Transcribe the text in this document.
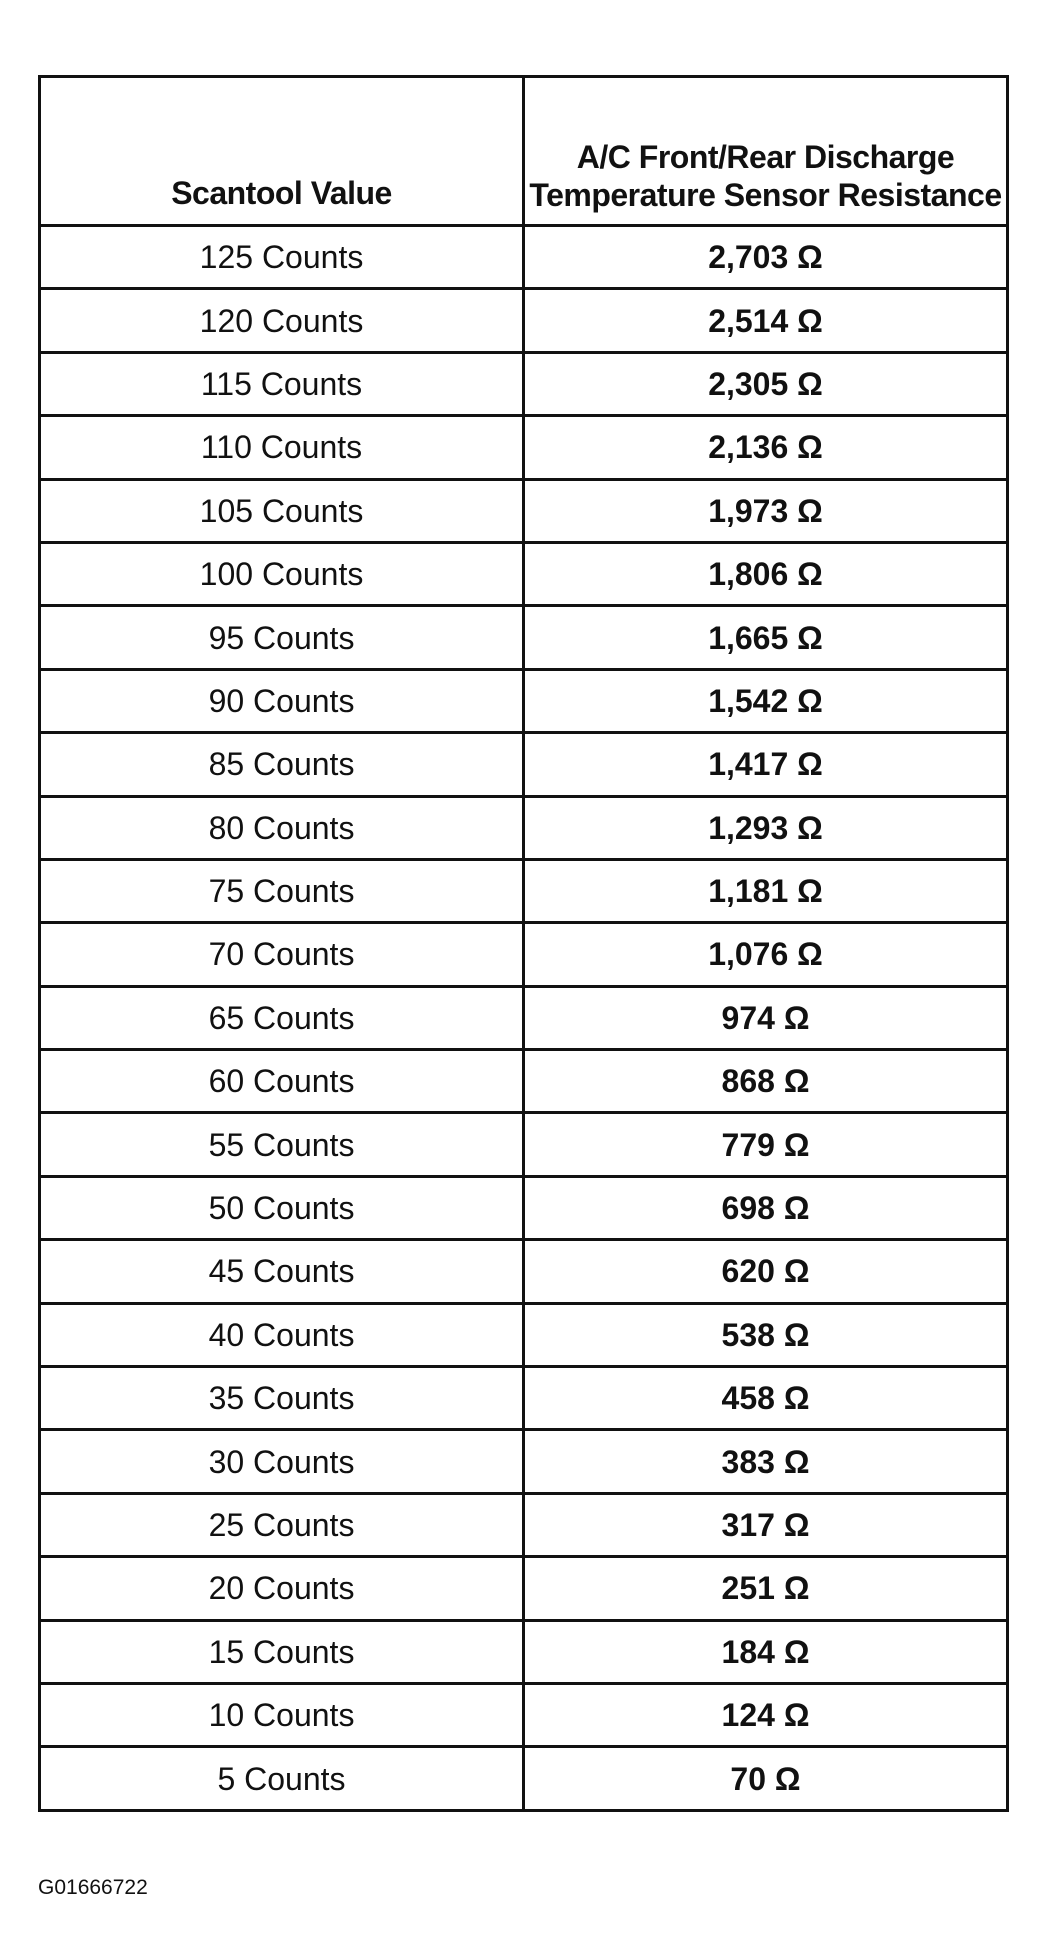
Scantool Value	A/C Front/Rear Discharge Temperature Sensor Resistance
125 Counts	2,703 Ω
120 Counts	2,514 Ω
115 Counts	2,305 Ω
110 Counts	2,136 Ω
105 Counts	1,973 Ω
100 Counts	1,806 Ω
95 Counts	1,665 Ω
90 Counts	1,542 Ω
85 Counts	1,417 Ω
80 Counts	1,293 Ω
75 Counts	1,181 Ω
70 Counts	1,076 Ω
65 Counts	974 Ω
60 Counts	868 Ω
55 Counts	779 Ω
50 Counts	698 Ω
45 Counts	620 Ω
40 Counts	538 Ω
35 Counts	458 Ω
30 Counts	383 Ω
25 Counts	317 Ω
20 Counts	251 Ω
15 Counts	184 Ω
10 Counts	124 Ω
5 Counts	70 Ω
G01666722
